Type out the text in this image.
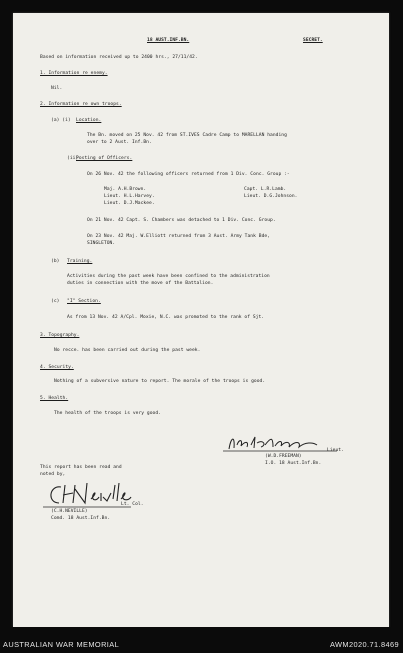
18 AUST.INF.BN.	SECRET.
Based on information received up to 2400 hrs., 27/11/42.
1. Information re enemy.
Nil.
2. Information re own troops.
(a) (i) Location.
The Bn. moved on 25 Nov. 42 from ST.IVES Cadre Camp to MARELLAN handing
over to 2 Aust. Inf.Bn.
(ii)
Posting of Officers.
On 26 Nov. 42 the following officers returned from 1 Div. Conc. Group :-
Maj. A.H.Brown.
Lieut. H.L.Harvey.
Lieut. D.J.Mackee.
Capt. L.R.Lamb.
Lieut. D.G.Johnson.
On 21 Nov. 42 Capt. S. Chambers was detached to 1 Div. Conc. Group.
On 23 Nov. 42 Maj. W.Elliott returned from 3 Aust. Army Tank Bde,
SINGLETON.
(b) Training.
Activities during the past week have been confined to the administration
duties in connection with the move of the Battalion.
(c) "I" Section.
As from 13 Nov. 42 A/Cpl. Moxie, N.C. was promoted to the rank of Sjt.
3. Topography.
No recce. has been carried out during the past week.
4. Security.
Nothing of a subversive nature to report. The morale of the troops is good.
5. Health.
The health of the troops is very good.
Lieut.
(W.D.FREEMAN)
I.O. 18 Aust.Inf.Bn.
This report has been read and
noted by,
Lt. Col.
(C.H.NEVILLE)
Comd. 18 Aust.Inf.Bn.
AUSTRALIAN WAR MEMORIAL	AWM2020.71.8469
